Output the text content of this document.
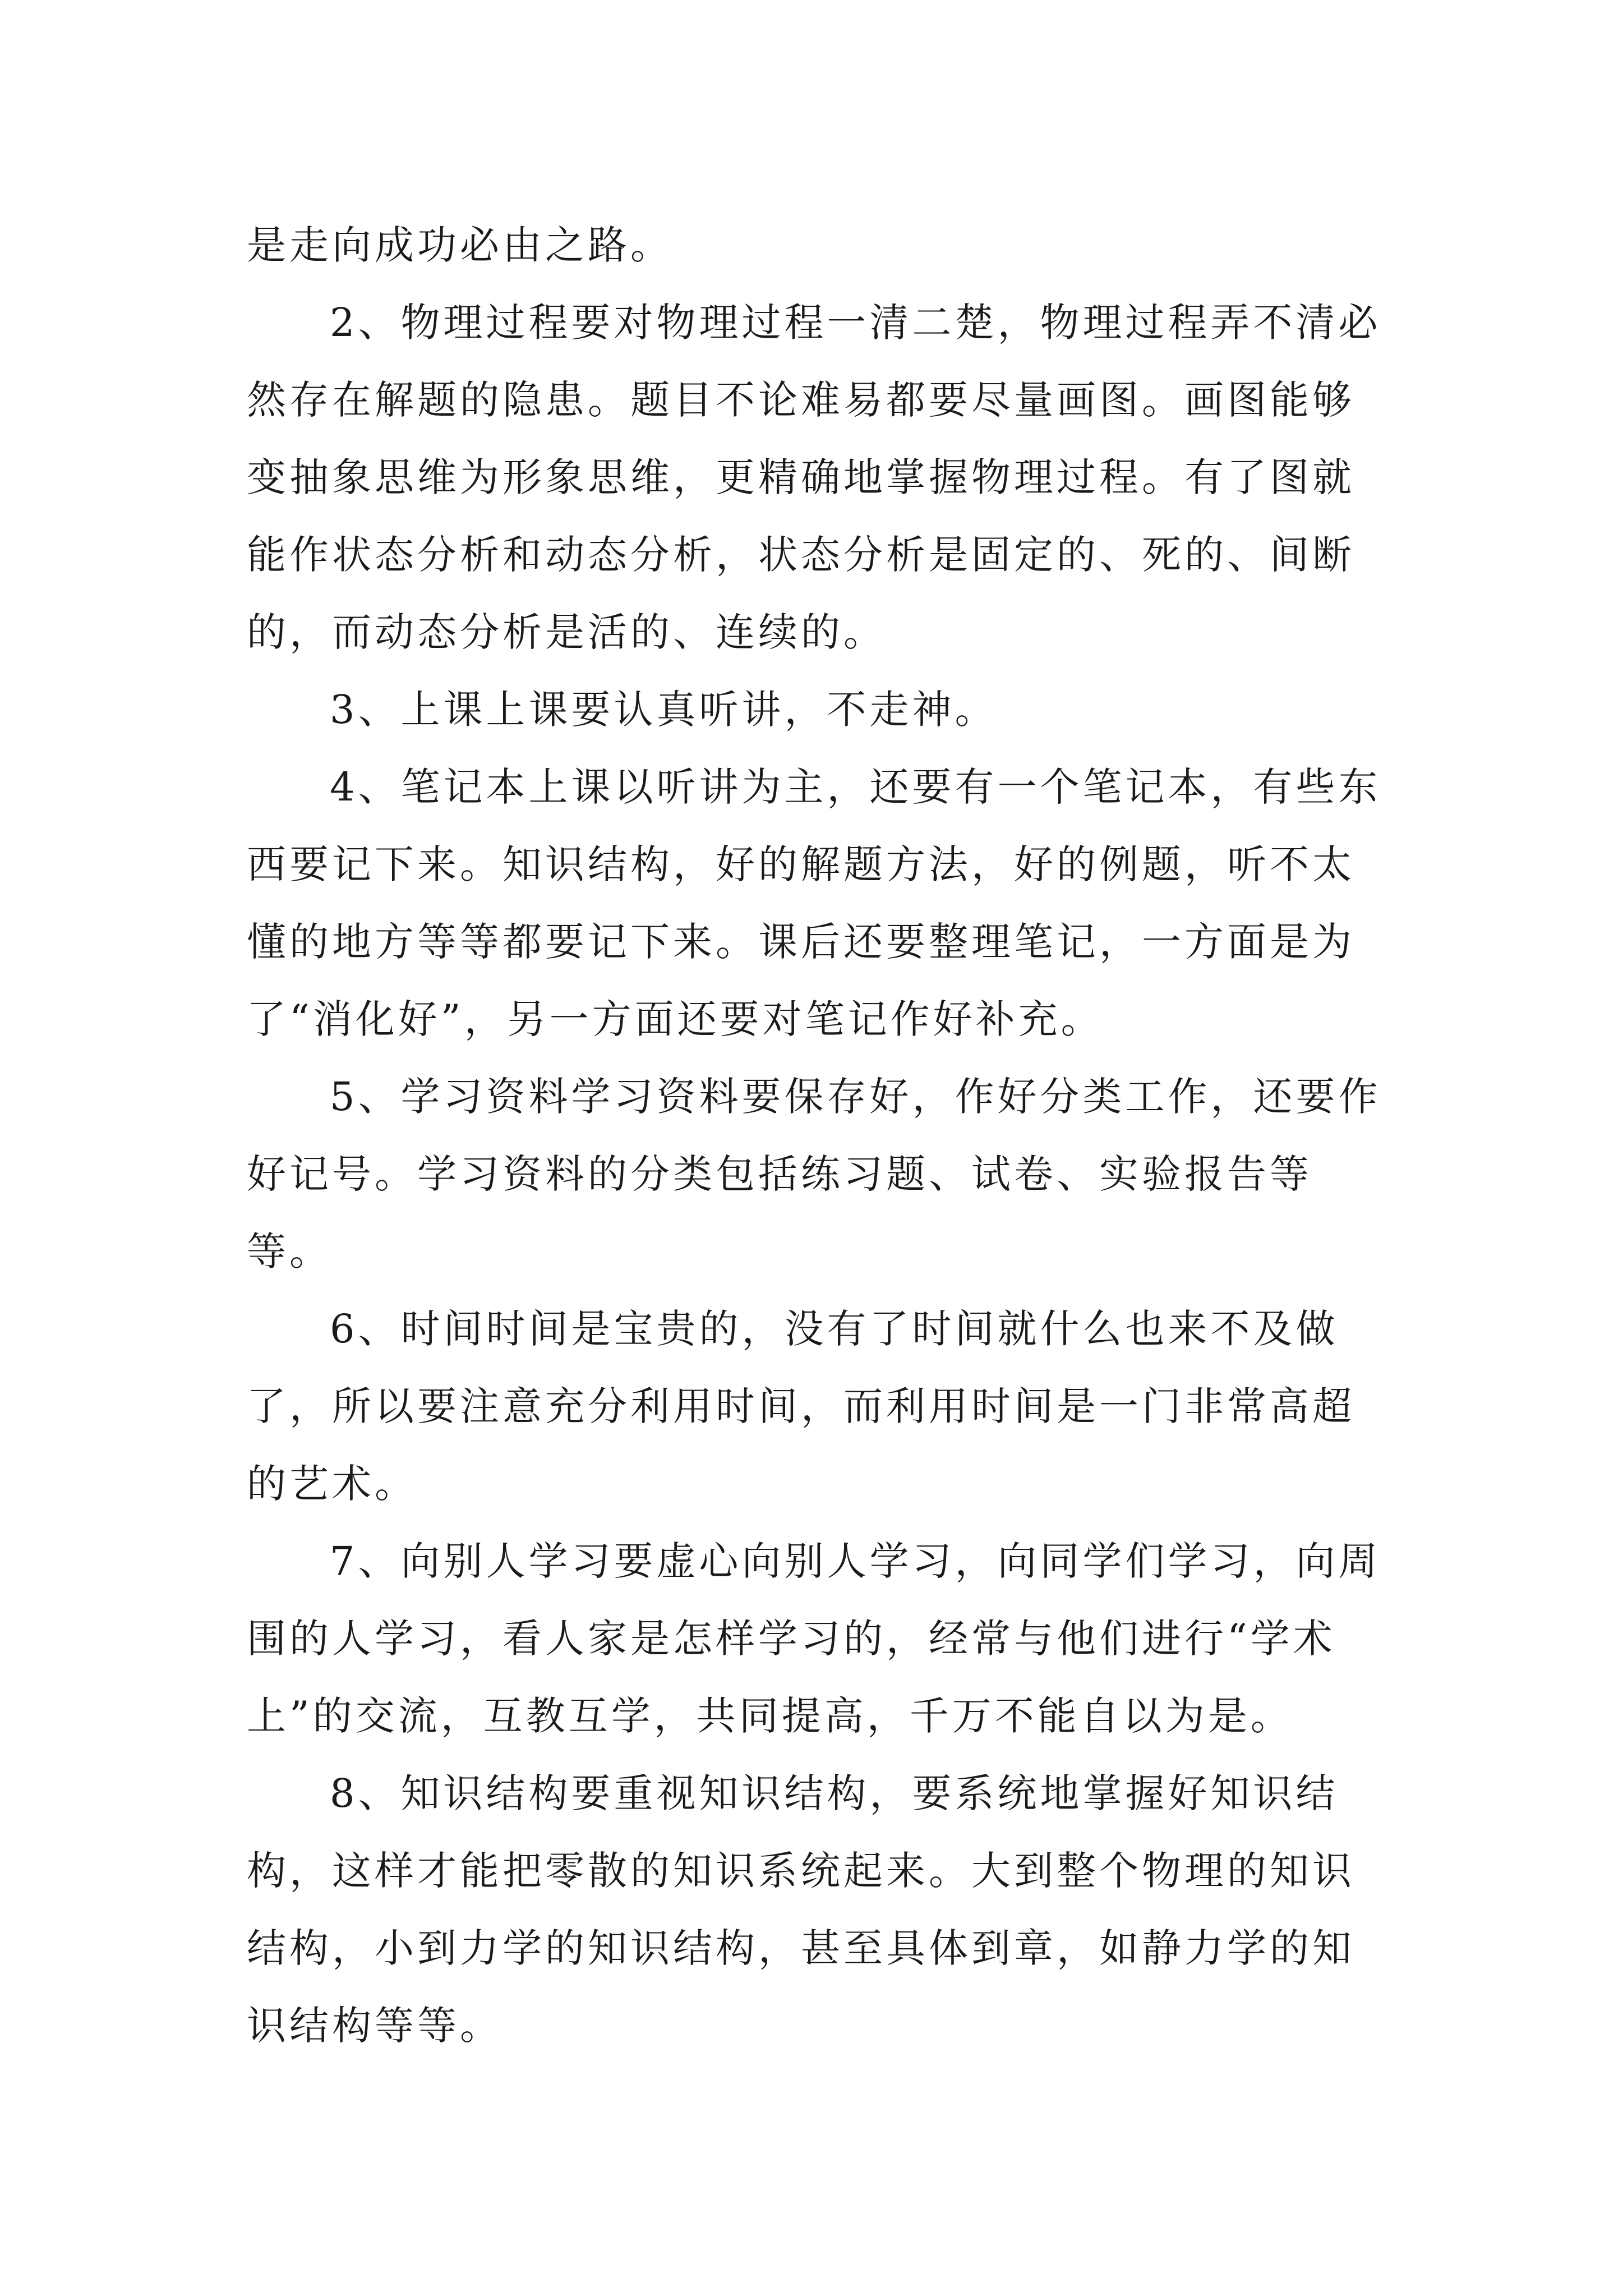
是走向成功必由之路。

2、物理过程要对物理过程一清二楚，物理过程弄不清必然存在解题的隐患。题目不论难易都要尽量画图。画图能够变抽象思维为形象思维，更精确地掌握物理过程。有了图就能作状态分析和动态分析，状态分析是固定的、死的、间断的，而动态分析是活的、连续的。

3、上课上课要认真听讲，不走神。

4、笔记本上课以听讲为主，还要有一个笔记本，有些东西要记下来。知识结构，好的解题方法，好的例题，听不太懂的地方等等都要记下来。课后还要整理笔记，一方面是为了“消化好”，另一方面还要对笔记作好补充。

5、学习资料学习资料要保存好，作好分类工作，还要作好记号。学习资料的分类包括练习题、试卷、实验报告等等。

6、时间时间是宝贵的，没有了时间就什么也来不及做了，所以要注意充分利用时间，而利用时间是一门非常高超的艺术。

7、向别人学习要虚心向别人学习，向同学们学习，向周围的人学习，看人家是怎样学习的，经常与他们进行“学术上”的交流，互教互学，共同提高，千万不能自以为是。

8、知识结构要重视知识结构，要系统地掌握好知识结构，这样才能把零散的知识系统起来。大到整个物理的知识结构，小到力学的知识结构，甚至具体到章，如静力学的知识结构等等。
